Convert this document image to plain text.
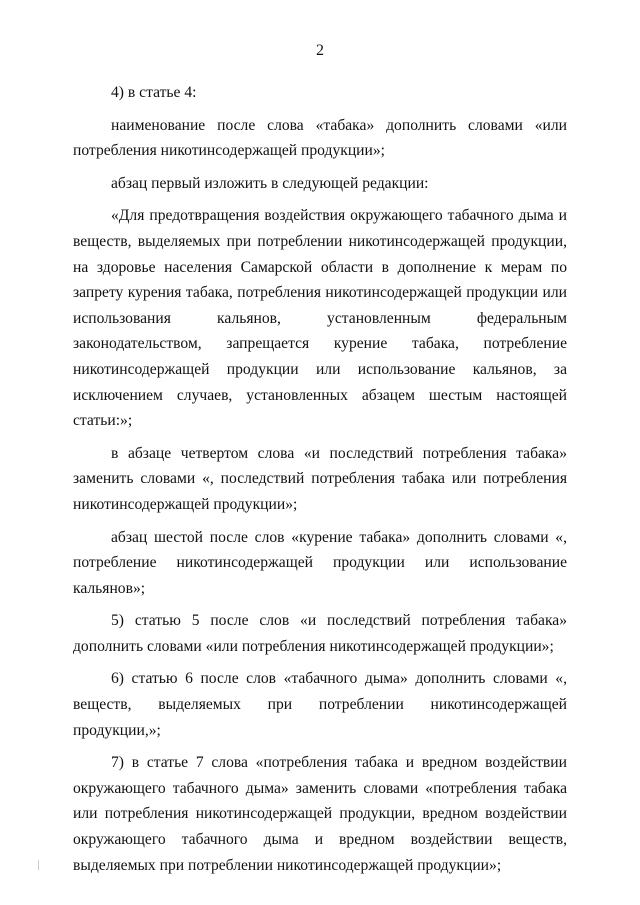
2

4) в статье 4:

наименование после слова «табака» дополнить словами «или потребления никотинсодержащей продукции»;

абзац первый изложить в следующей редакции:

«Для предотвращения воздействия окружающего табачного дыма и веществ, выделяемых при потреблении никотинсодержащей продукции, на здоровье населения Самарской области в дополнение к мерам по запрету курения табака, потребления никотинсодержащей продукции или использования кальянов, установленным федеральным законодательством, запрещается курение табака, потребление никотинсодержащей продукции или использование кальянов, за исключением случаев, установленных абзацем шестым настоящей статьи:»;

в абзаце четвертом слова «и последствий потребления табака» заменить словами «, последствий потребления табака или потребления никотинсодержащей продукции»;

абзац шестой после слов «курение табака» дополнить словами «, потребление никотинсодержащей продукции или использование кальянов»;

5) статью 5 после слов «и последствий потребления табака» дополнить словами «или потребления никотинсодержащей продукции»;

6) статью 6 после слов «табачного дыма» дополнить словами «, веществ, выделяемых при потреблении никотинсодержащей продукции,»;

7) в статье 7 слова «потребления табака и вредном воздействии окружающего табачного дыма» заменить словами «потребления табака или потребления никотинсодержащей продукции, вредном воздействии окружающего табачного дыма и вредном воздействии веществ, выделяемых при потреблении никотинсодержащей продукции»;
